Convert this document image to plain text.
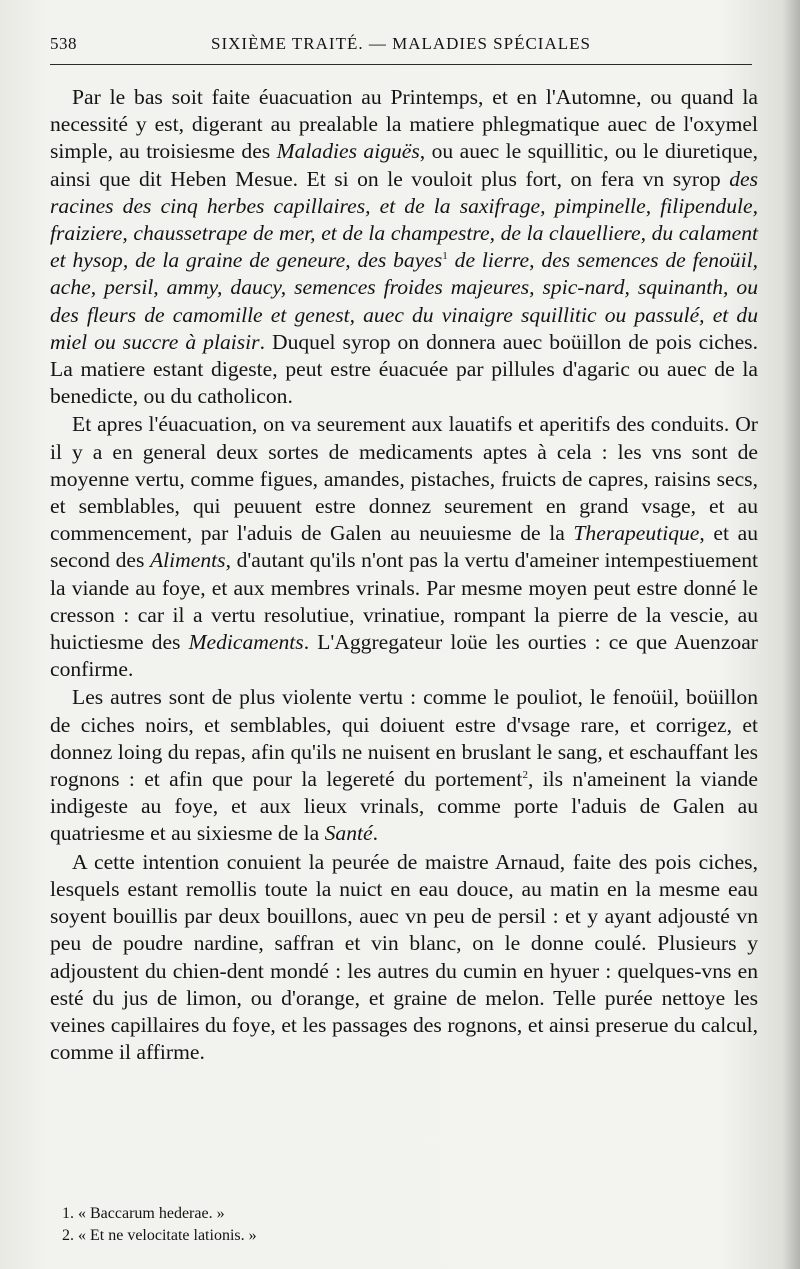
538	SIXIÈME TRAITÉ. — MALADIES SPÉCIALES

Par le bas soit faite éuacuation au Printemps, et en l'Automne, ou quand la necessité y est, digerant au prealable la matiere phlegmatique auec de l'oxymel simple, au troisiesme des Maladies aiguës, ou auec le squillitic, ou le diuretique, ainsi que dit Heben Mesue. Et si on le vouloit plus fort, on fera vn syrop des racines des cinq herbes capillaires, et de la saxifrage, pimpinelle, filipendule, fraiziere, chaussetrape de mer, et de la champestre, de la clauelliere, du calament et hysop, de la graine de geneure, des bayes$^1$ de lierre, des semences de fenoüil, ache, persil, ammy, daucy, semences froides majeures, spic-nard, squinanth, ou des fleurs de camomille et genest, auec du vinaigre squillitic ou passulé, et du miel ou succre à plaisir. Duquel syrop on donnera auec boüillon de pois ciches. La matiere estant digeste, peut estre éuacuée par pillules d'agaric ou auec de la benedicte, ou du catholicon.

Et apres l'éuacuation, on va seurement aux lauatifs et aperitifs des conduits. Or il y a en general deux sortes de medicaments aptes à cela : les vns sont de moyenne vertu, comme figues, amandes, pistaches, fruicts de capres, raisins secs, et semblables, qui peuuent estre donnez seurement en grand vsage, et au commencement, par l'aduis de Galen au neuuiesme de la Therapeutique, et au second des Aliments, d'autant qu'ils n'ont pas la vertu d'ameiner intempestiuement la viande au foye, et aux membres vrinals. Par mesme moyen peut estre donné le cresson : car il a vertu resolutiue, vrinatiue, rompant la pierre de la vescie, au huictiesme des Medicaments. L'Aggregateur loüe les ourties : ce que Auenzoar confirme.

Les autres sont de plus violente vertu : comme le pouliot, le fenoüil, boüillon de ciches noirs, et semblables, qui doiuent estre d'vsage rare, et corrigez, et donnez loing du repas, afin qu'ils ne nuisent en bruslant le sang, et eschauffant les rognons : et afin que pour la legereté du portement$^2$, ils n'ameinent la viande indigeste au foye, et aux lieux vrinals, comme porte l'aduis de Galen au quatriesme et au sixiesme de la Santé.

A cette intention conuient la peurée de maistre Arnaud, faite des pois ciches, lesquels estant remollis toute la nuict en eau douce, au matin en la mesme eau soyent bouillis par deux bouillons, auec vn peu de persil : et y ayant adjousté vn peu de poudre nardine, saffran et vin blanc, on le donne coulé. Plusieurs y adjoustent du chien-dent mondé : les autres du cumin en hyuer : quelques-vns en esté du jus de limon, ou d'orange, et graine de melon. Telle purée nettoye les veines capillaires du foye, et les passages des rognons, et ainsi preserue du calcul, comme il affirme.

1. « Baccarum hederae. »
2. « Et ne velocitate lationis. »
